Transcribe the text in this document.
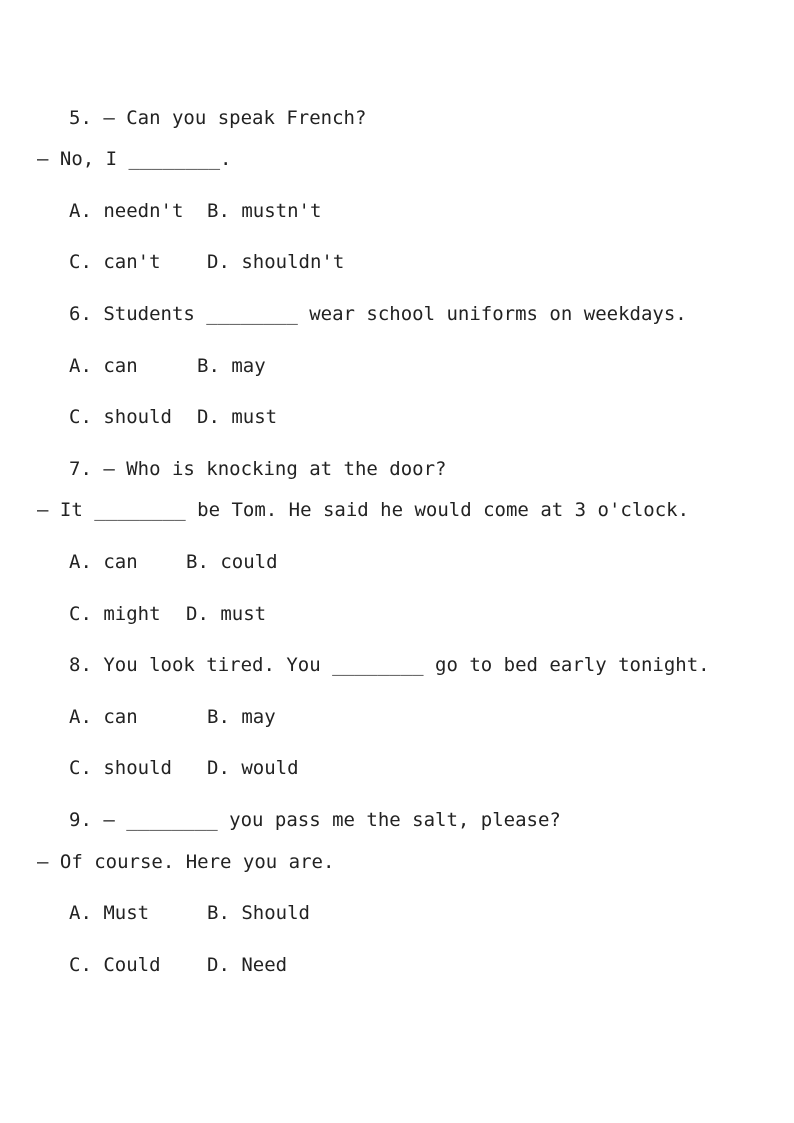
5. — Can you speak French?
— No, I ________.
A. needn't B. mustn't
C. can't D. shouldn't
6. Students ________ wear school uniforms on weekdays.
A. can	B. may
C. should D. must
7. — Who is knocking at the door?
— It ________ be Tom. He said he would come at 3 o'clock.
A. can	B. could
C. might D. must
8. You look tired. You ________ go to bed early tonight.
A. can	B. may
C. should D. would
9. — ________ you pass me the salt, please?
— Of course. Here you are.
A. Must	B. Should
C. Could D. Need
